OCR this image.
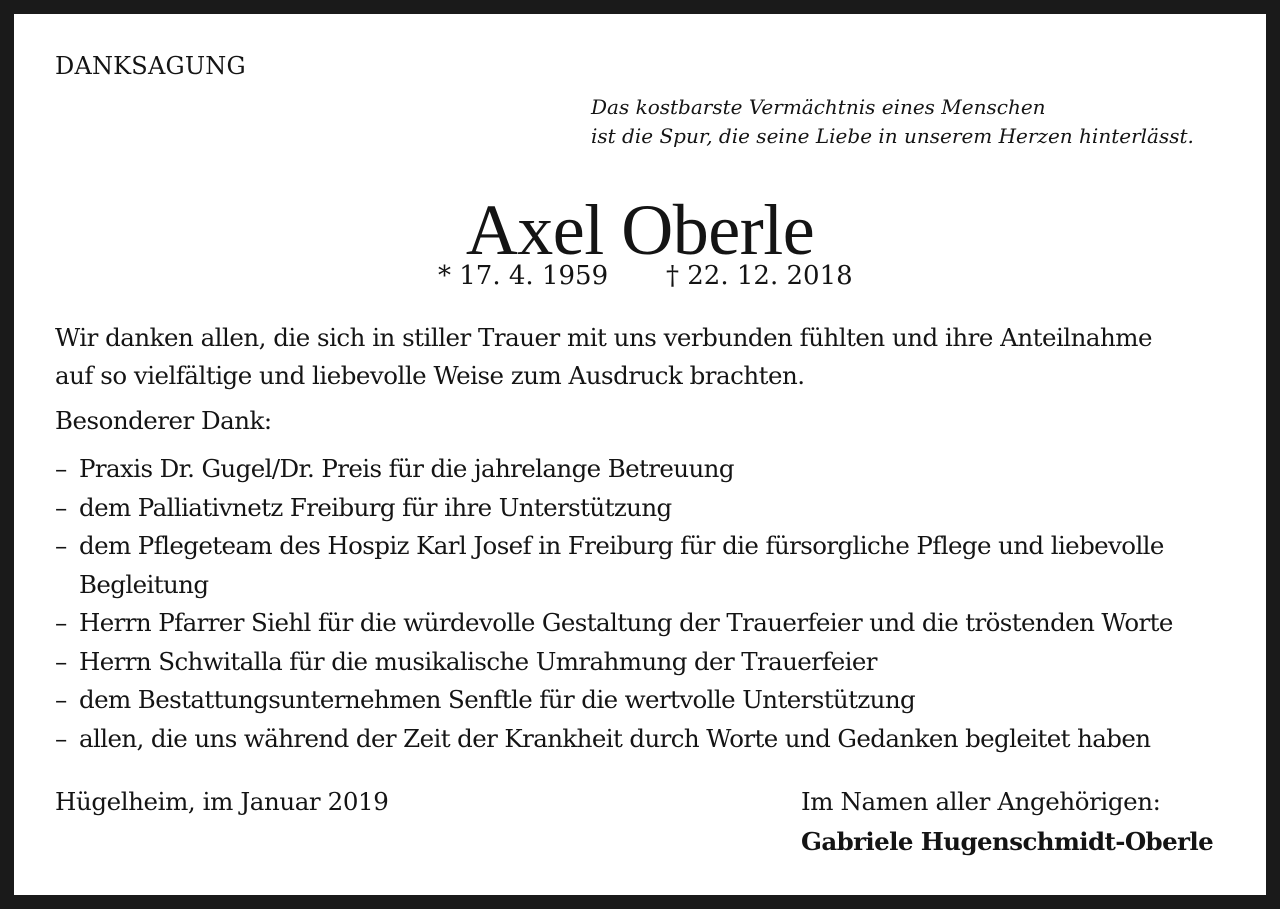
DANKSAGUNG
Das kostbarste Vermächtnis eines Menschen
ist die Spur, die seine Liebe in unserem Herzen hinterlässt.
Axel Oberle
* 17. 4. 1959 † 22. 12. 2018
Wir danken allen, die sich in stiller Trauer mit uns verbunden fühlten und ihre Anteilnahme
auf so vielfältige und liebevolle Weise zum Ausdruck brachten.
Besonderer Dank:
– Praxis Dr. Gugel/Dr. Preis für die jahrelange Betreuung
– dem Palliativnetz Freiburg für ihre Unterstützung
– dem Pflegeteam des Hospiz Karl Josef in Freiburg für die fürsorgliche Pflege und liebevolle Begleitung
– Herrn Pfarrer Siehl für die würdevolle Gestaltung der Trauerfeier und die tröstenden Worte
– Herrn Schwitalla für die musikalische Umrahmung der Trauerfeier
– dem Bestattungsunternehmen Senftle für die wertvolle Unterstützung
– allen, die uns während der Zeit der Krankheit durch Worte und Gedanken begleitet haben
Hügelheim, im Januar 2019	Im Namen aller Angehörigen:
Gabriele Hugenschmidt-Oberle
